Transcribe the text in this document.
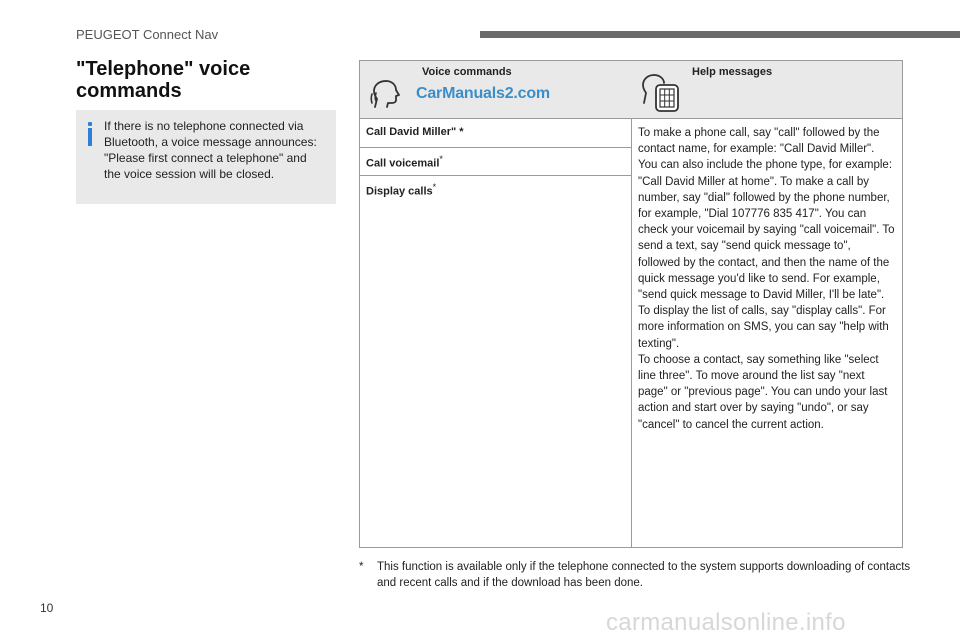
PEUGEOT Connect Nav
"Telephone" voice commands
If there is no telephone connected via Bluetooth, a voice message announces: "Please first connect a telephone" and the voice session will be closed.
Voice commands
CarManuals2.com
Help messages
Call David Miller" *
Call voicemail*
Display calls*

To make a phone call, say "call" followed by the contact name, for example: "Call David Miller". You can also include the phone type, for example: "Call David Miller at home". To make a call by number, say "dial" followed by the phone number, for example, "Dial 107776 835 417". You can check your voicemail by saying "call voicemail". To send a text, say "send quick message to", followed by the contact, and then the name of the quick message you'd like to send. For example, "send quick message to David Miller, I'll be late". To display the list of calls, say "display calls". For more information on SMS, you can say "help with texting".

To choose a contact, say something like "select line three". To move around the list say "next page" or "previous page". You can undo your last action and start over by saying "undo", or say "cancel" to cancel the current action.

* This function is available only if the telephone connected to the system supports downloading of contacts and recent calls and if the download has been done.
10
carmanualsonline.info
